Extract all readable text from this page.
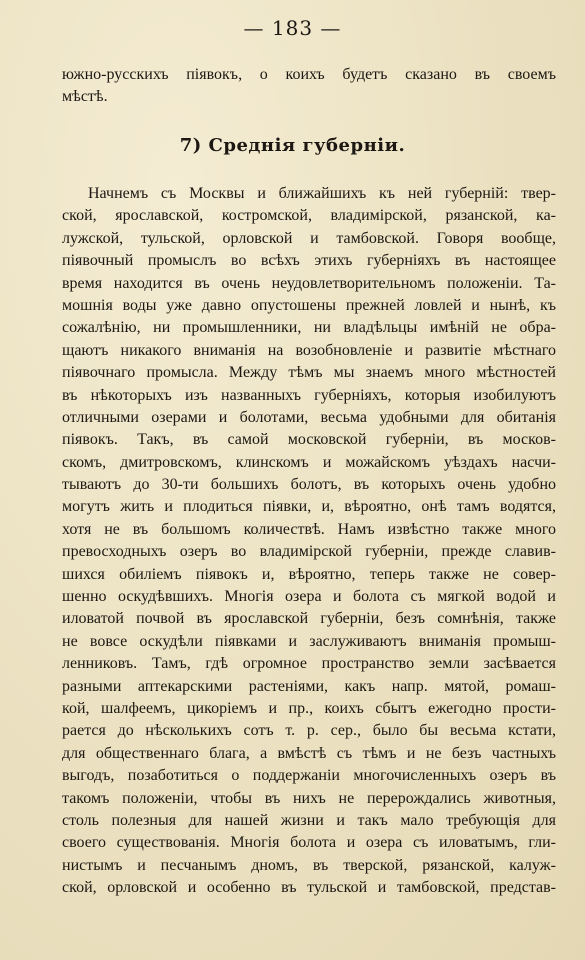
— 183 —
южно-русскихъ піявокъ, о коихъ будетъ сказано въ своемъ
мѣстѣ.
7) Среднія губерніи.
Начнемъ съ Москвы и ближайшихъ къ ней губерній: твер-
ской, ярославской, костромской, владимірской, рязанской, ка-
лужской, тульской, орловской и тамбовской. Говоря вообще,
піявочный промыслъ во всѣхъ этихъ губерніяхъ въ настоящее
время находится въ очень неудовлетворительномъ положеніи. Та-
мошнія воды уже давно опустошены прежней ловлей и нынѣ, къ
сожалѣнію, ни промышленники, ни владѣльцы имѣній не обра-
щаютъ никакого вниманія на возобновленіе и развитіе мѣстнаго
піявочнаго промысла. Между тѣмъ мы знаемъ много мѣстностей
въ нѣкоторыхъ изъ названныхъ губерніяхъ, которыя изобилуютъ
отличными озерами и болотами, весьма удобными для обитанія
піявокъ. Такъ, въ самой московской губерніи, въ москов-
скомъ, дмитровскомъ, клинскомъ и можайскомъ уѣздахъ насчи-
тываютъ до 30-ти большихъ болотъ, въ которыхъ очень удобно
могутъ жить и плодиться піявки, и, вѣроятно, онѣ тамъ водятся,
хотя не въ большомъ количествѣ. Намъ извѣстно также много
превосходныхъ озеръ во владимірской губерніи, прежде славив-
шихся обиліемъ піявокъ и, вѣроятно, теперь также не совер-
шенно оскудѣвшихъ. Многія озера и болота съ мягкой водой и
иловатой почвой въ ярославской губерніи, безъ сомнѣнія, также
не вовсе оскудѣли піявками и заслуживаютъ вниманія промыш-
ленниковъ. Тамъ, гдѣ огромное пространство земли засѣвается
разными аптекарскими растеніями, какъ напр. мятой, ромаш-
кой, шалфеемъ, цикоріемъ и пр., коихъ сбытъ ежегодно прости-
рается до нѣсколькихъ сотъ т. р. сер., было бы весьма кстати,
для общественнаго блага, а вмѣстѣ съ тѣмъ и не безъ частныхъ
выгодъ, позаботиться о поддержаніи многочисленныхъ озеръ въ
такомъ положеніи, чтобы въ нихъ не перерождались животныя,
столь полезныя для нашей жизни и такъ мало требующія для
своего существованія. Многія болота и озера съ иловатымъ, гли-
нистымъ и песчанымъ дномъ, въ тверской, рязанской, калуж-
ской, орловской и особенно въ тульской и тамбовской, представ-
